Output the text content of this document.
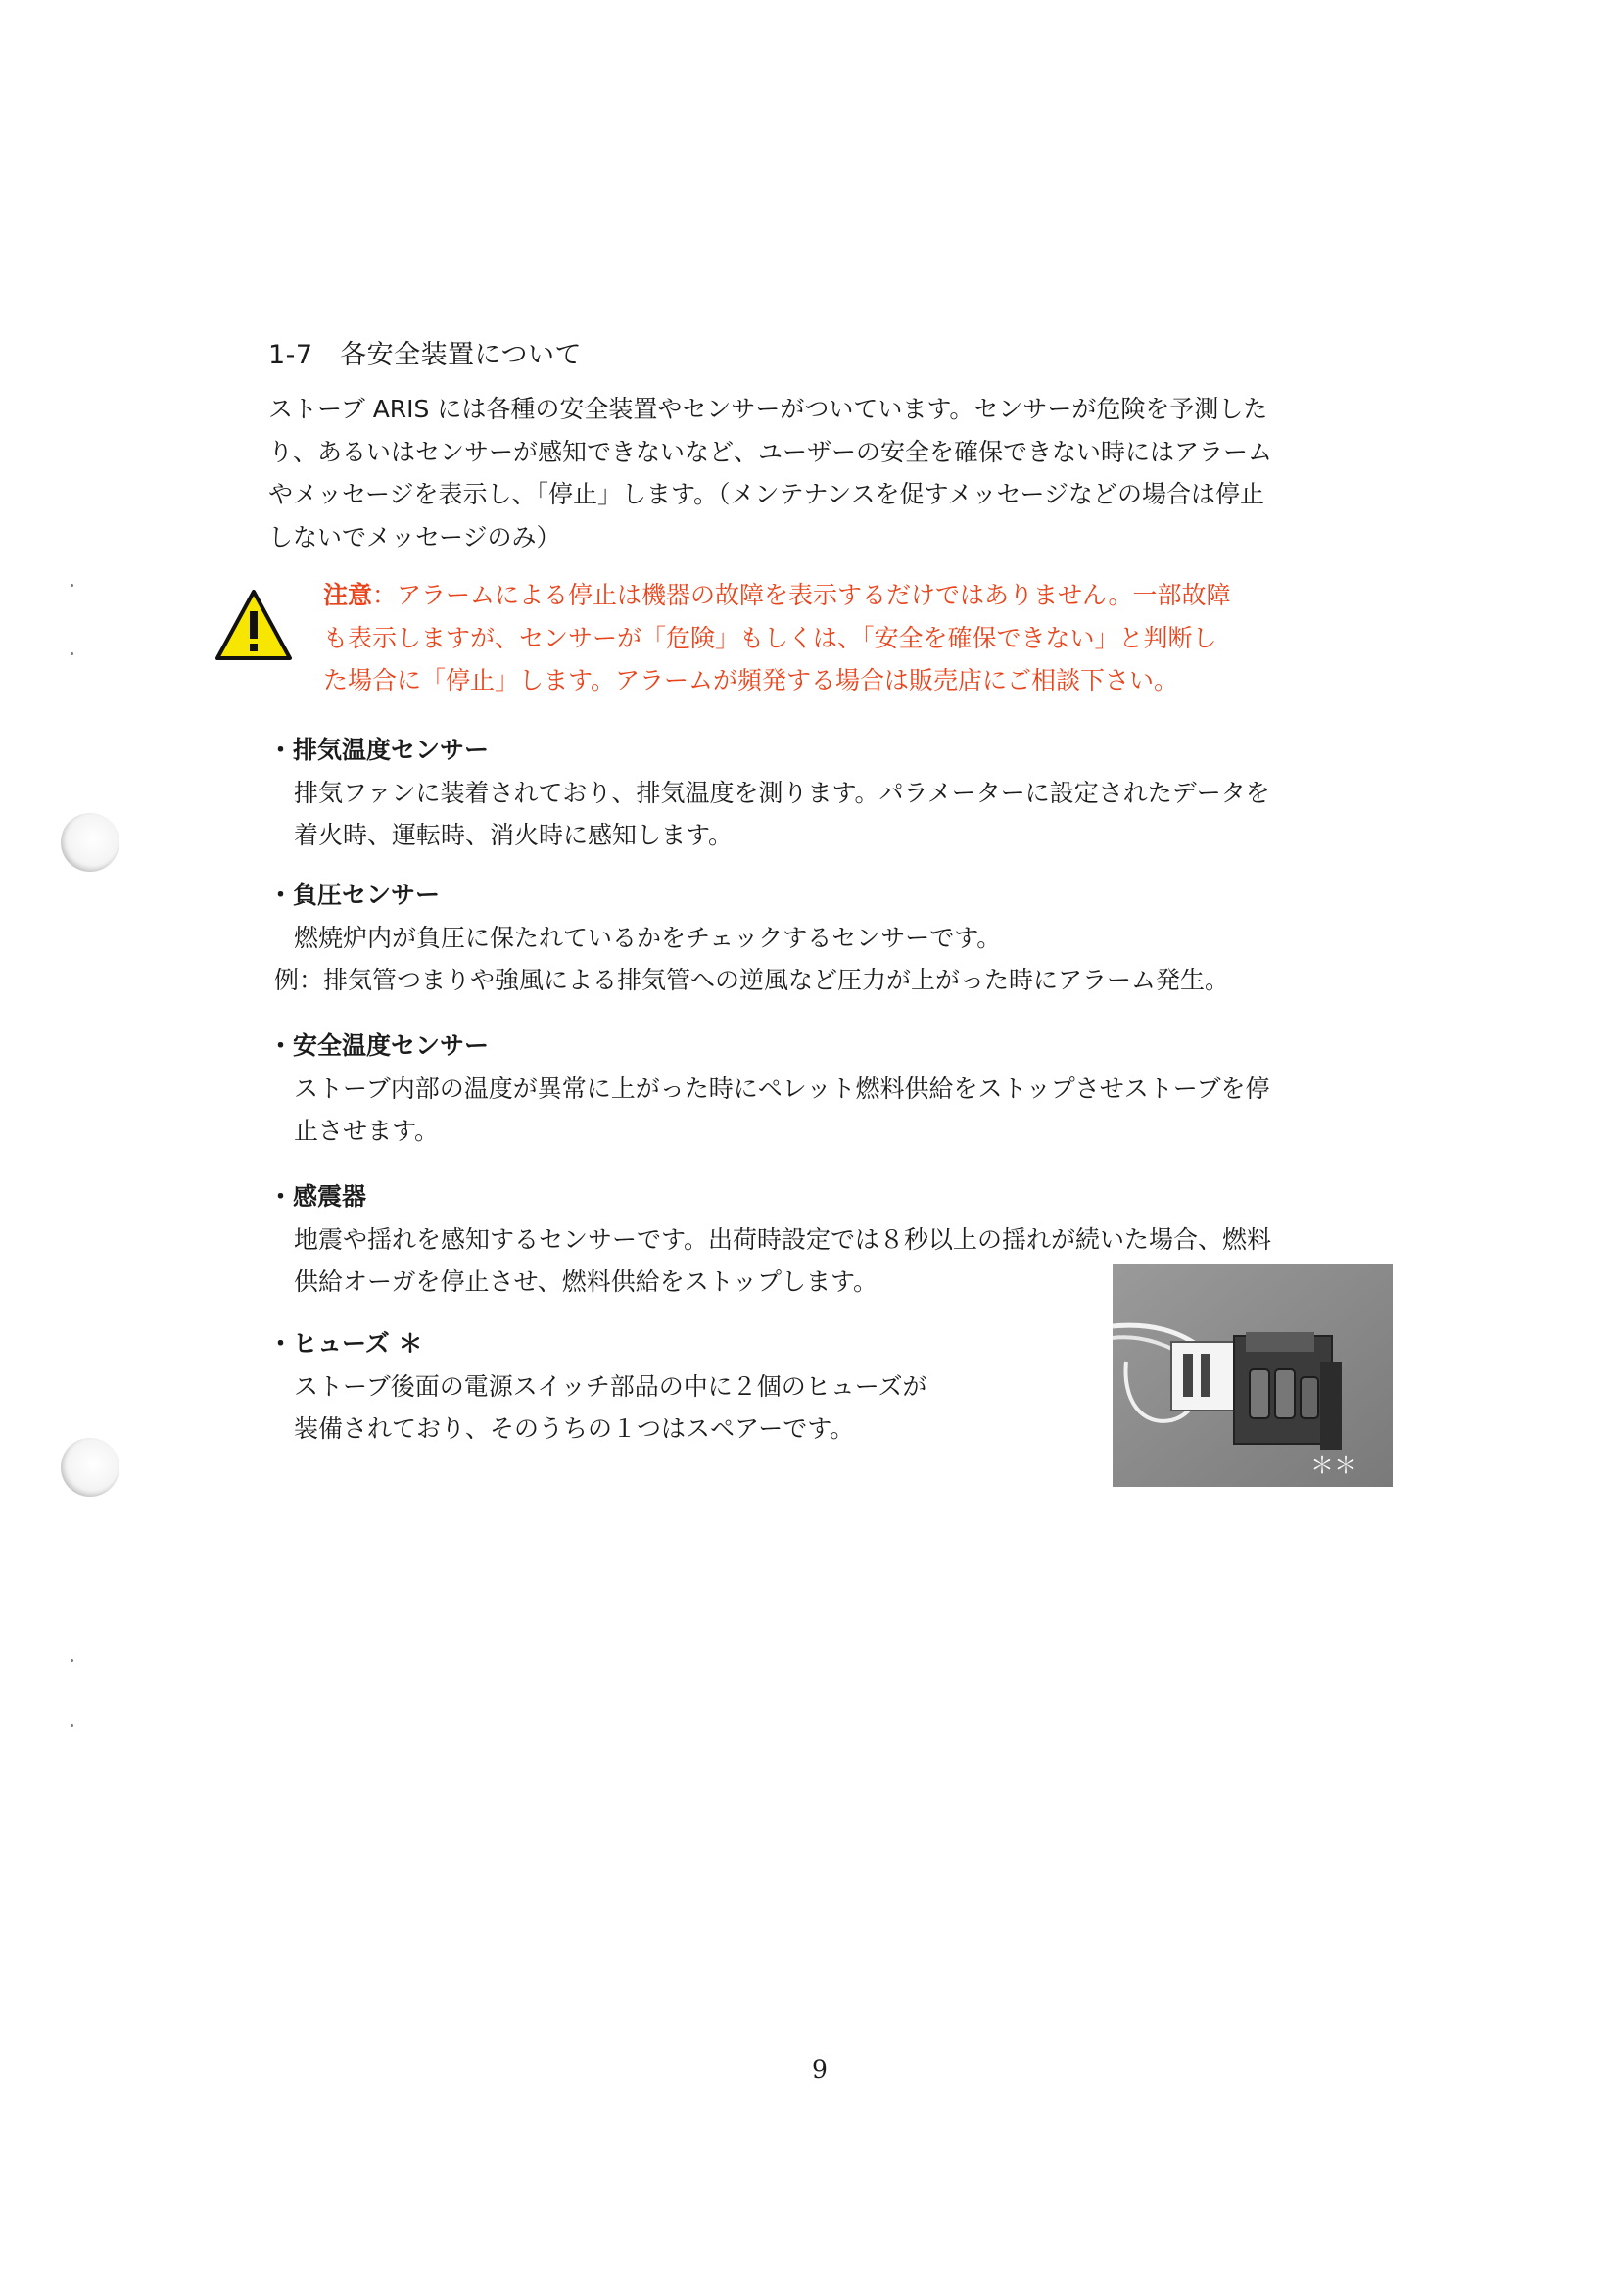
1-7　各安全装置について
ストーブ ARIS には各種の安全装置やセンサーがついています。センサーが危険を予測した
り、あるいはセンサーが感知できないなど、ユーザーの安全を確保できない時にはアラーム
やメッセージを表示し、「停止」します。（メンテナンスを促すメッセージなどの場合は停止
しないでメッセージのみ）
注意：アラームによる停止は機器の故障を表示するだけではありません。一部故障
も表示しますが、センサーが「危険」もしくは、「安全を確保できない」と判断し
た場合に「停止」します。アラームが頻発する場合は販売店にご相談下さい。
・排気温度センサー
排気ファンに装着されており、排気温度を測ります。パラメーターに設定されたデータを
着火時、運転時、消火時に感知します。
・負圧センサー
燃焼炉内が負圧に保たれているかをチェックするセンサーです。
例：排気管つまりや強風による排気管への逆風など圧力が上がった時にアラーム発生。
・安全温度センサー
ストーブ内部の温度が異常に上がった時にペレット燃料供給をストップさせストーブを停
止させます。
・感震器
地震や揺れを感知するセンサーです。出荷時設定では８秒以上の揺れが続いた場合、燃料
供給オーガを停止させ、燃料供給をストップします。
・ヒューズ ＊
ストーブ後面の電源スイッチ部品の中に２個のヒューズが
装備されており、そのうちの１つはスペアーです。
＊＊
9
